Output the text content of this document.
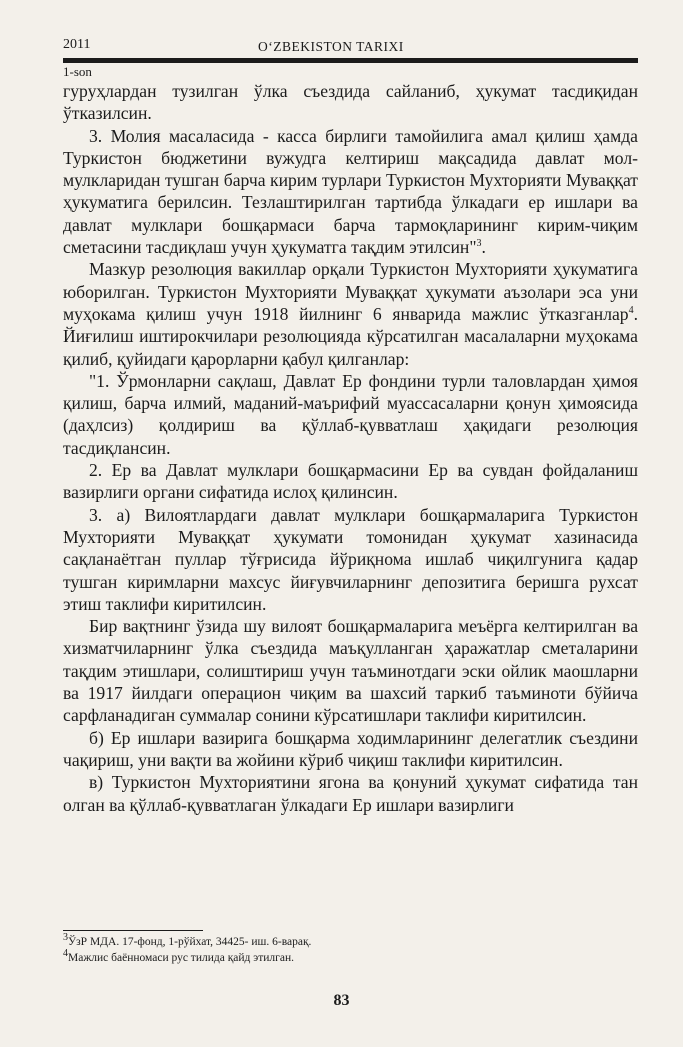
2011	O‘ZBEKISTON TARIXI
1-son

гуруҳлардан тузилган ўлка съездида сайланиб, ҳукумат тасдиқидан ўтказилсин.

3. Молия масаласида - касса бирлиги тамойилига амал қилиш ҳамда Туркистон бюджетини вужудга келтириш мақсадида давлат мол-мулкларидан тушган барча кирим турлари Туркистон Мухторияти Муваққат ҳукуматига берилсин. Тезлаштирилган тартибда ўлкадаги ер ишлари ва давлат мулклари бошқармаси барча тармоқларининг кирим-чиқим сметасини тасдиқлаш учун ҳукуматга тақдим этилсин"$^3$.

Мазкур резолюция вакиллар орқали Туркистон Мухторияти ҳукуматига юборилган. Туркистон Мухторияти Муваққат ҳукумати аъзолари эса уни муҳокама қилиш учун 1918 йилнинг 6 январида мажлис ўтказганлар$^4$. Йиғилиш иштирокчилари резолюцияда кўрсатилган масалаларни муҳокама қилиб, қуйидаги қарорларни қабул қилганлар:

"1. Ўрмонларни сақлаш, Давлат Ер фондини турли таловлардан ҳимоя қилиш, барча илмий, маданий-маърифий муассасаларни қонун ҳимоясида (даҳлсиз) қолдириш ва қўллаб-қувватлаш ҳақидаги резолюция тасдиқлансин.

2. Ер ва Давлат мулклари бошқармасини Ер ва сувдан фойдаланиш вазирлиги органи сифатида ислоҳ қилинсин.

3. а) Вилоятлардаги давлат мулклари бошқармаларига Туркистон Мухторияти Муваққат ҳукумати томонидан ҳукумат хазинасида сақланаётган пуллар тўғрисида йўриқнома ишлаб чиқилгунига қадар тушган киримларни махсус йиғувчиларнинг депозитига беришга рухсат этиш таклифи киритилсин.

Бир вақтнинг ўзида шу вилоят бошқармаларига меъёрга келтирилган ва хизматчиларнинг ўлка съездида маъқулланган ҳаражатлар сметаларини тақдим этишлари, солиштириш учун таъминотдаги эски ойлик маошларни ва 1917 йилдаги операцион чиқим ва шахсий таркиб таъминоти бўйича сарфланадиган суммалар сонини кўрсатишлари таклифи киритилсин.

б) Ер ишлари вазирига бошқарма ходимларининг делегатлик съездини чақириш, уни вақти ва жойини кўриб чиқиш таклифи киритилсин.

в) Туркистон Мухториятини ягона ва қонуний ҳукумат сифатида тан олган ва қўллаб-қувватлаган ўлкадаги Ер ишлари вазирлиги

$^3$ЎзР МДА. 17-фонд, 1-рўйхат, 34425- иш. 6-варақ.
$^4$Мажлис баённомаси рус тилида қайд этилган.
83
